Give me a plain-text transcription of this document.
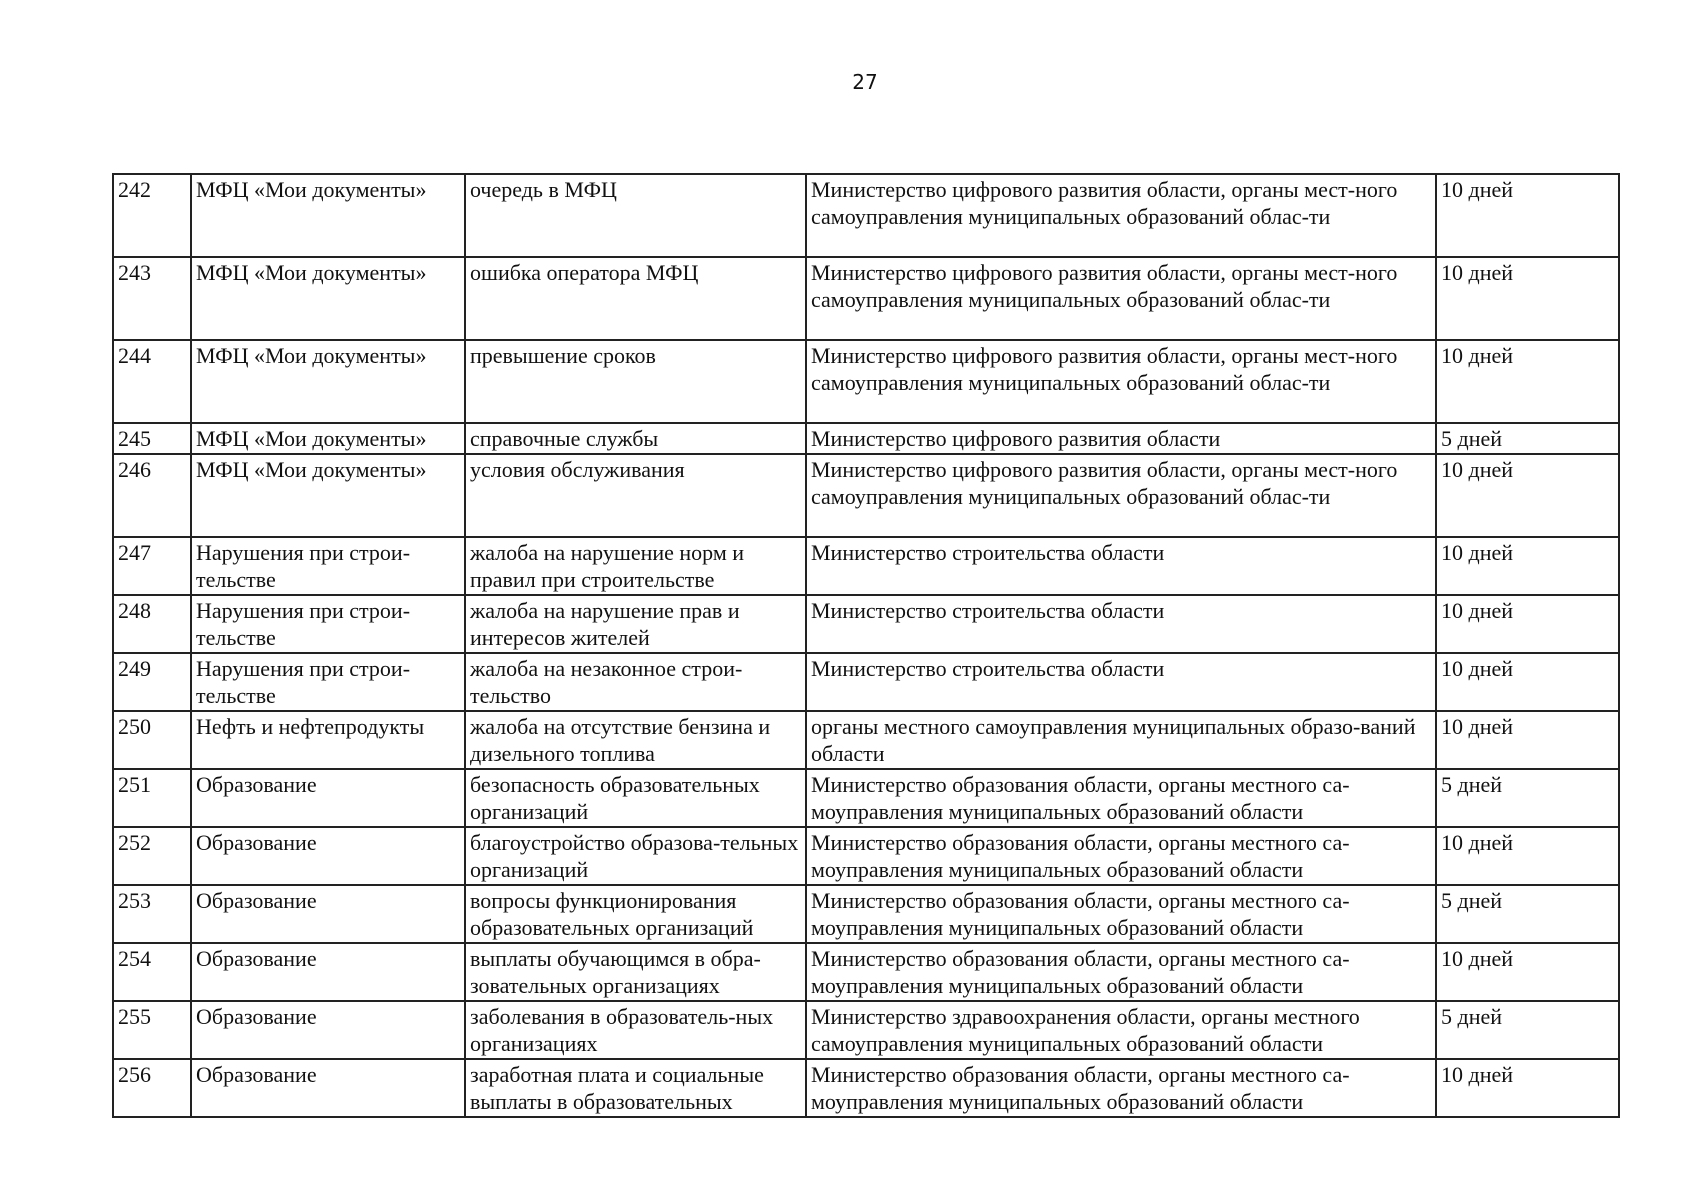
27
242	МФЦ «Мои документы»	очередь в МФЦ	Министерство цифрового развития области, органы мест-ного самоуправления муниципальных образований облас-ти	10 дней
243	МФЦ «Мои документы»	ошибка оператора МФЦ	Министерство цифрового развития области, органы мест-ного самоуправления муниципальных образований облас-ти	10 дней
244	МФЦ «Мои документы»	превышение сроков	Министерство цифрового развития области, органы мест-ного самоуправления муниципальных образований облас-ти	10 дней
245	МФЦ «Мои документы»	справочные службы	Министерство цифрового развития области	5 дней
246	МФЦ «Мои документы»	условия обслуживания	Министерство цифрового развития области, органы мест-ного самоуправления муниципальных образований облас-ти	10 дней
247	Нарушения при строи-тельстве	жалоба на нарушение норм и правил при строительстве	Министерство строительства области	10 дней
248	Нарушения при строи-тельстве	жалоба на нарушение прав и интересов жителей	Министерство строительства области	10 дней
249	Нарушения при строи-тельстве	жалоба на незаконное строи-тельство	Министерство строительства области	10 дней
250	Нефть и нефтепродукты	жалоба на отсутствие бензина и дизельного топлива	органы местного самоуправления муниципальных образо-ваний области	10 дней
251	Образование	безопасность образовательных организаций	Министерство образования области, органы местного са-моуправления муниципальных образований области	5 дней
252	Образование	благоустройство образова-тельных организаций	Министерство образования области, органы местного са-моуправления муниципальных образований области	10 дней
253	Образование	вопросы функционирования образовательных организаций	Министерство образования области, органы местного са-моуправления муниципальных образований области	5 дней
254	Образование	выплаты обучающимся в обра-зовательных организациях	Министерство образования области, органы местного са-моуправления муниципальных образований области	10 дней
255	Образование	заболевания в образователь-ных организациях	Министерство здравоохранения области, органы местного самоуправления муниципальных образований области	5 дней
256	Образование	заработная плата и социальные выплаты в образовательных	Министерство образования области, органы местного са-моуправления муниципальных образований области	10 дней
